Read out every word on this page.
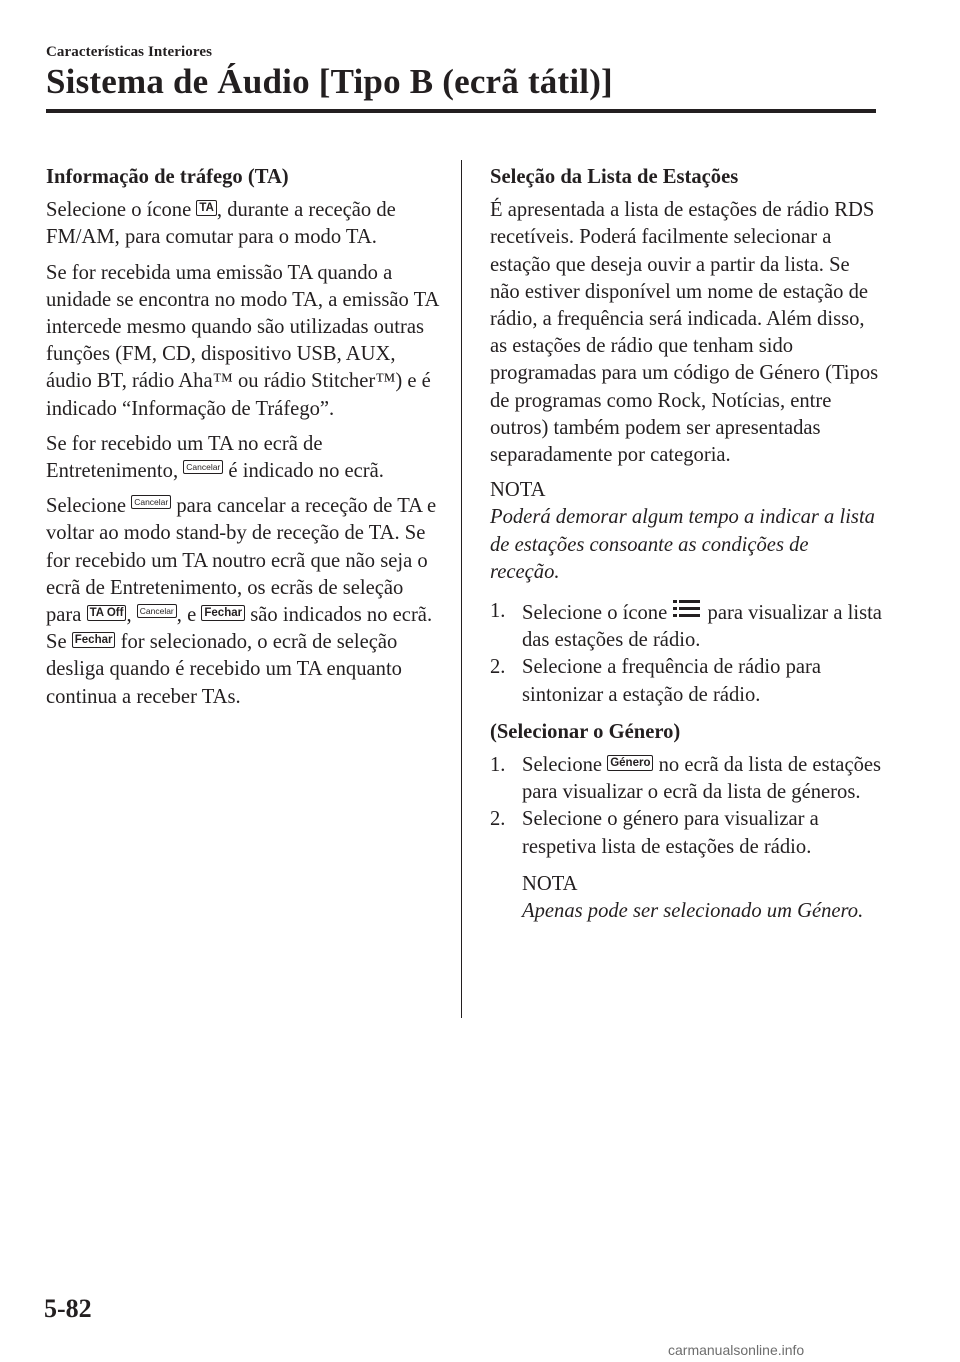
Características Interiores
Sistema de Áudio [Tipo B (ecrã tátil)]
Informação de tráfego (TA)

Selecione o ícone TA , durante a receção de FM/AM, para comutar para o modo TA.

Se for recebida uma emissão TA quando a unidade se encontra no modo TA, a emissão TA intercede mesmo quando são utilizadas outras funções (FM, CD, dispositivo USB, AUX, áudio BT, rádio Aha™ ou rádio Stitcher™) e é indicado “Informação de Tráfego”.

Se for recebido um TA no ecrã de Entretenimento, Cancelar é indicado no ecrã.

Selecione Cancelar para cancelar a receção de TA e voltar ao modo stand-by de receção de TA. Se for recebido um TA noutro ecrã que não seja o ecrã de Entretenimento, os ecrãs de seleção para TA Off , Cancelar , e Fechar são indicados no ecrã. Se Fechar for selecionado, o ecrã de seleção desliga quando é recebido um TA enquanto continua a receber TAs.

Seleção da Lista de Estações

É apresentada a lista de estações de rádio RDS recetíveis. Poderá facilmente selecionar a estação que deseja ouvir a partir da lista. Se não estiver disponível um nome de estação de rádio, a frequência será indicada. Além disso, as estações de rádio que tenham sido programadas para um código de Género (Tipos de programas como Rock, Notícias, entre outros) também podem ser apresentadas separadamente por categoria.

NOTA
Poderá demorar algum tempo a indicar a lista de estações consoante as condições de receção.
1. Selecione o ícone
para visualizar a lista das estações de rádio.
2. Selecione a frequência de rádio para sintonizar a estação de rádio.
(Selecionar o Género)
1. Selecione Género no ecrã da lista de estações para visualizar o ecrã da lista de géneros.
2. Selecione o género para visualizar a respetiva lista de estações de rádio.
NOTA
Apenas pode ser selecionado um Género.
5-82
carmanualsonline.info
